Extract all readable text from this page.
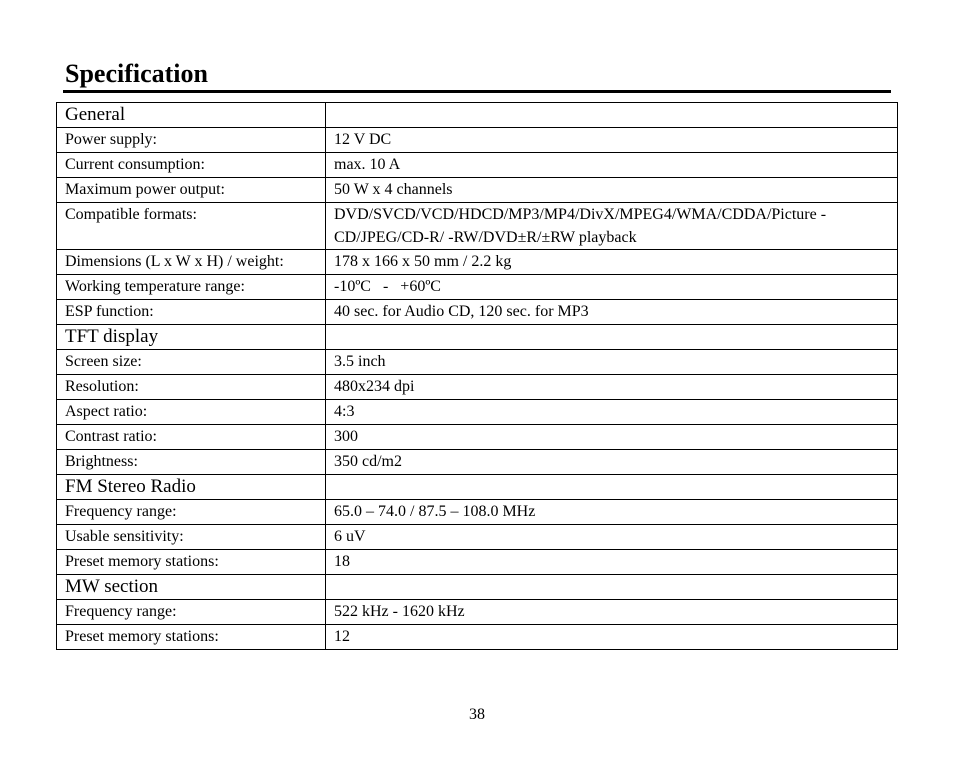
Specification
General	
Power supply:	12 V DC
Current consumption:	max. 10 A
Maximum power output:	50 W x 4 channels
Compatible formats:	DVD/SVCD/VCD/HDCD/MP3/MP4/DivX/MPEG4/WMA/CDDA/Picture -CD/JPEG/CD-R/ -RW/DVD±R/±RW playback
Dimensions (L x W x H) / weight:	178 x 166 x 50 mm / 2.2 kg
Working temperature range:	-10ºC   -   +60ºC
ESP function:	40 sec. for Audio CD, 120 sec. for MP3
TFT display	
Screen size:	3.5 inch
Resolution:	480x234 dpi
Aspect ratio:	4:3
Contrast ratio:	300
Brightness:	350 cd/m2
FM Stereo Radio	
Frequency range:	65.0 – 74.0 / 87.5 – 108.0 MHz
Usable sensitivity:	6 uV
Preset memory stations:	18
MW section	
Frequency range:	522 kHz - 1620 kHz
Preset memory stations:	12
38
